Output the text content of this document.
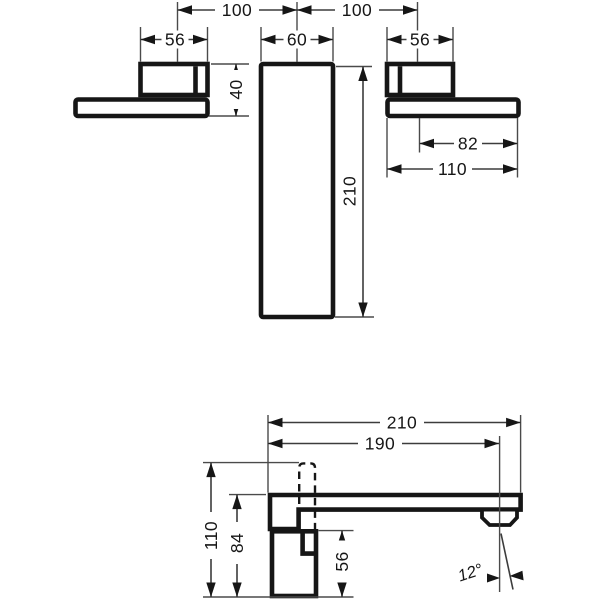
100	100
56	60	56
40
210
82
110
210
190
110 84
56	12°
